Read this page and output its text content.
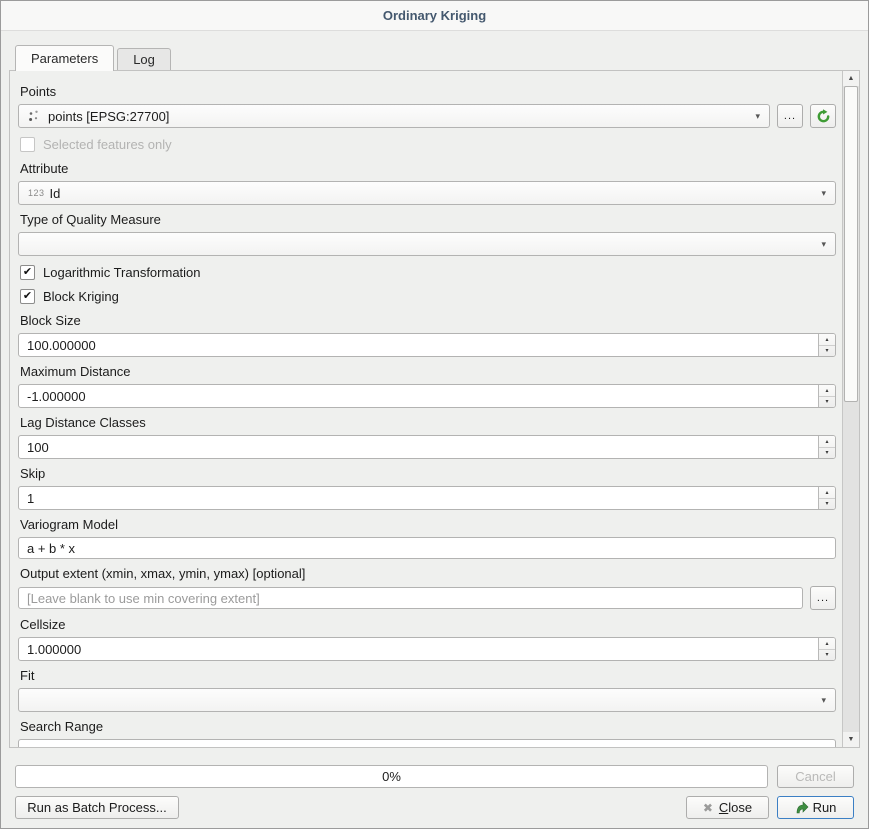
Ordinary Kriging
Parameters	Log
Points
points [EPSG:27700]	▾	...
Selected features only
Attribute
123 Id	▾
Type of Quality Measure
▾
✔ Logarithmic Transformation
✔ Block Kriging
Block Size
100.000000	▴
▾
Maximum Distance
-1.000000	▴
▾
Lag Distance Classes
100	▴
▾
Skip
1	▴
▾
Variogram Model
a + b * x
Output extent (xmin, xmax, ymin, ymax) [optional]
[Leave blank to use min covering extent]	...
Cellsize
1.000000	▴
▾
Fit
▾
Search Range
▲
▼
0%	Cancel
Run as Batch Process...	✖ Close	Run
